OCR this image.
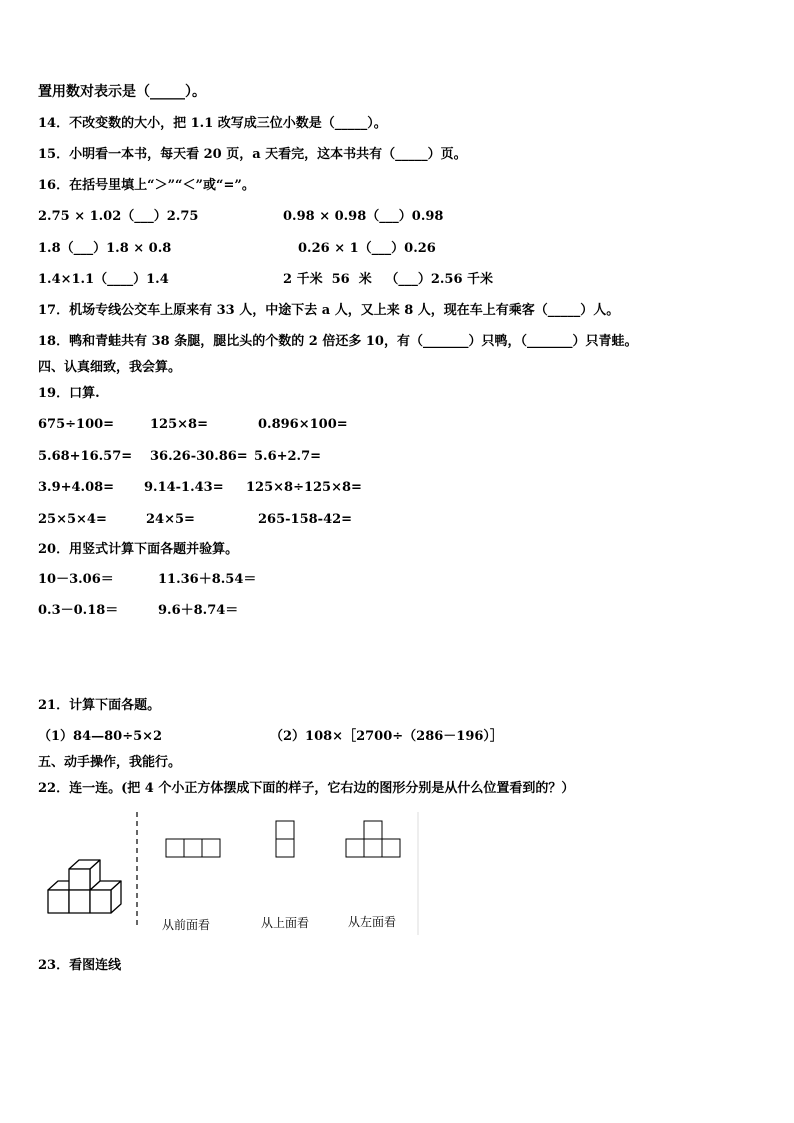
置用数对表示是（_____）。
14．不改变数的大小，把 1.1 改写成三位小数是（_____）。
15．小明看一本书，每天看 20 页，a 天看完，这本书共有（_____）页。
16．在括号里填上“＞”“＜”或“=”。
2.75 × 1.02（___）2.75	0.98 × 0.98（___）0.98
1.8（___）1.8 × 0.8	0.26 × 1（___）0.26
1.4×1.1（____）1.4	2 千米  56  米   （___）2.56 千米
17．机场专线公交车上原来有 33 人，中途下去 a 人，又上来 8 人，现在车上有乘客（_____）人。
18．鸭和青蛙共有 38 条腿，腿比头的个数的 2 倍还多 10，有（_______）只鸭，（_______）只青蛙。
四、认真细致，我会算。
19．口算.
675÷100=	125×8=	0.896×100=
5.68+16.57= 36.26-30.86= 5.6+2.7=
3.9+4.08= 9.14-1.43= 125×8÷125×8=
25×5×4=	24×5=	265-158-42=
20．用竖式计算下面各题并验算。
10－3.06＝	11.36＋8.54＝
0.3－0.18＝	9.6＋8.74＝
21．计算下面各题。
（1）84—80÷5×2	（2）108×［2700÷（286－196）］
五、动手操作，我能行。
22．连一连。(把 4 个小正方体摆成下面的样子，它右边的图形分别是从什么位置看到的？）
从前面看	从上面看	从左面看
23．看图连线
